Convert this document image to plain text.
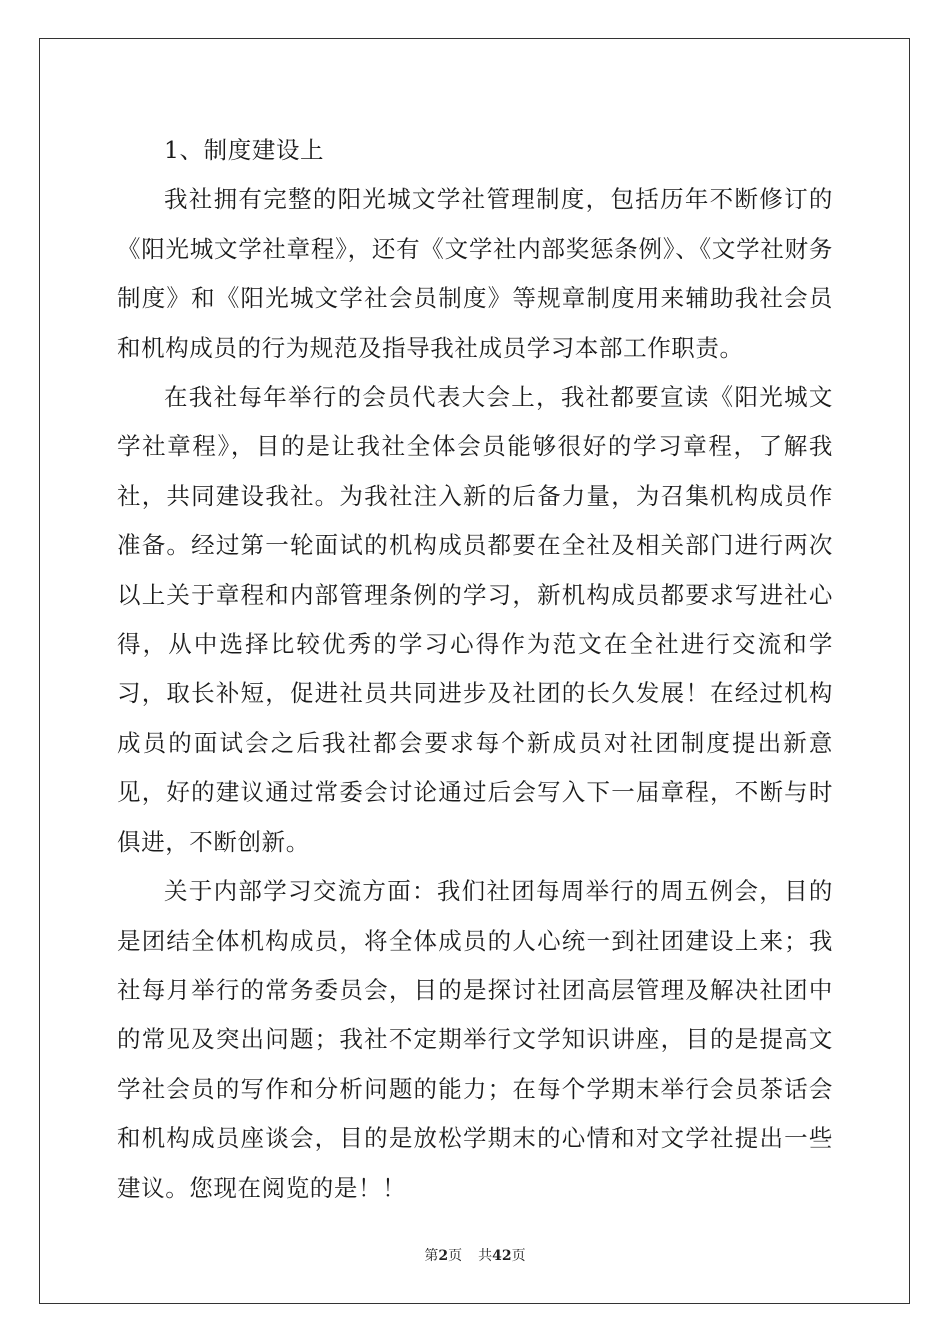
1、制度建设上

我社拥有完整的阳光城文学社管理制度，包括历年不断修订的《阳光城文学社章程》，还有《文学社内部奖惩条例》、《文学社财务制度》和《阳光城文学社会员制度》等规章制度用来辅助我社会员和机构成员的行为规范及指导我社成员学习本部工作职责。

在我社每年举行的会员代表大会上，我社都要宣读《阳光城文学社章程》，目的是让我社全体会员能够很好的学习章程，了解我社，共同建设我社。为我社注入新的后备力量，为召集机构成员作准备。经过第一轮面试的机构成员都要在全社及相关部门进行两次以上关于章程和内部管理条例的学习，新机构成员都要求写进社心得，从中选择比较优秀的学习心得作为范文在全社进行交流和学习，取长补短，促进社员共同进步及社团的长久发展！在经过机构成员的面试会之后我社都会要求每个新成员对社团制度提出新意见，好的建议通过常委会讨论通过后会写入下一届章程，不断与时俱进，不断创新。

关于内部学习交流方面：我们社团每周举行的周五例会，目的是团结全体机构成员，将全体成员的人心统一到社团建设上来；我社每月举行的常务委员会，目的是探讨社团高层管理及解决社团中的常见及突出问题；我社不定期举行文学知识讲座，目的是提高文学社会员的写作和分析问题的能力；在每个学期末举行会员茶话会和机构成员座谈会，目的是放松学期末的心情和对文学社提出一些建议。您现在阅览的是！！

第2页 共42页
